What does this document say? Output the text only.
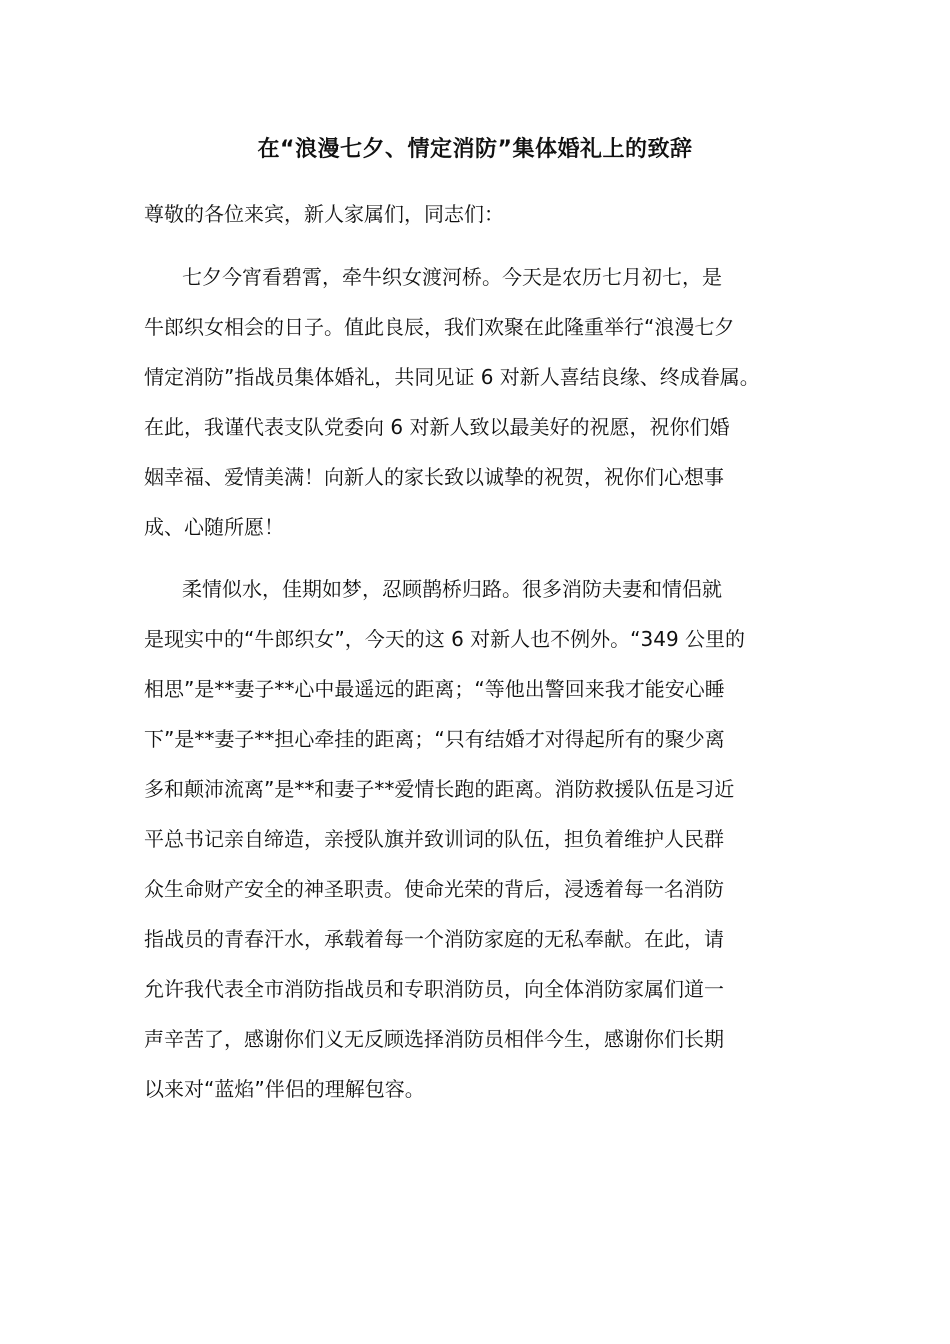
在“浪漫七夕、情定消防”集体婚礼上的致辞
尊敬的各位来宾，新人家属们，同志们：
七夕今宵看碧霄，牵牛织女渡河桥。今天是农历七月初七，是
牛郎织女相会的日子。值此良辰，我们欢聚在此隆重举行“浪漫七夕
情定消防”指战员集体婚礼，共同见证 6 对新人喜结良缘、终成眷属。
在此，我谨代表支队党委向 6 对新人致以最美好的祝愿，祝你们婚
姻幸福、爱情美满！向新人的家长致以诚挚的祝贺，祝你们心想事
成、心随所愿！
柔情似水，佳期如梦，忍顾鹊桥归路。很多消防夫妻和情侣就
是现实中的“牛郎织女”，今天的这 6 对新人也不例外。“349 公里的
相思”是**妻子**心中最遥远的距离；“等他出警回来我才能安心睡
下”是**妻子**担心牵挂的距离；“只有结婚才对得起所有的聚少离
多和颠沛流离”是**和妻子**爱情长跑的距离。消防救援队伍是习近
平总书记亲自缔造，亲授队旗并致训词的队伍，担负着维护人民群
众生命财产安全的神圣职责。使命光荣的背后，浸透着每一名消防
指战员的青春汗水，承载着每一个消防家庭的无私奉献。在此，请
允许我代表全市消防指战员和专职消防员，向全体消防家属们道一
声辛苦了，感谢你们义无反顾选择消防员相伴今生，感谢你们长期
以来对“蓝焰”伴侣的理解包容。
